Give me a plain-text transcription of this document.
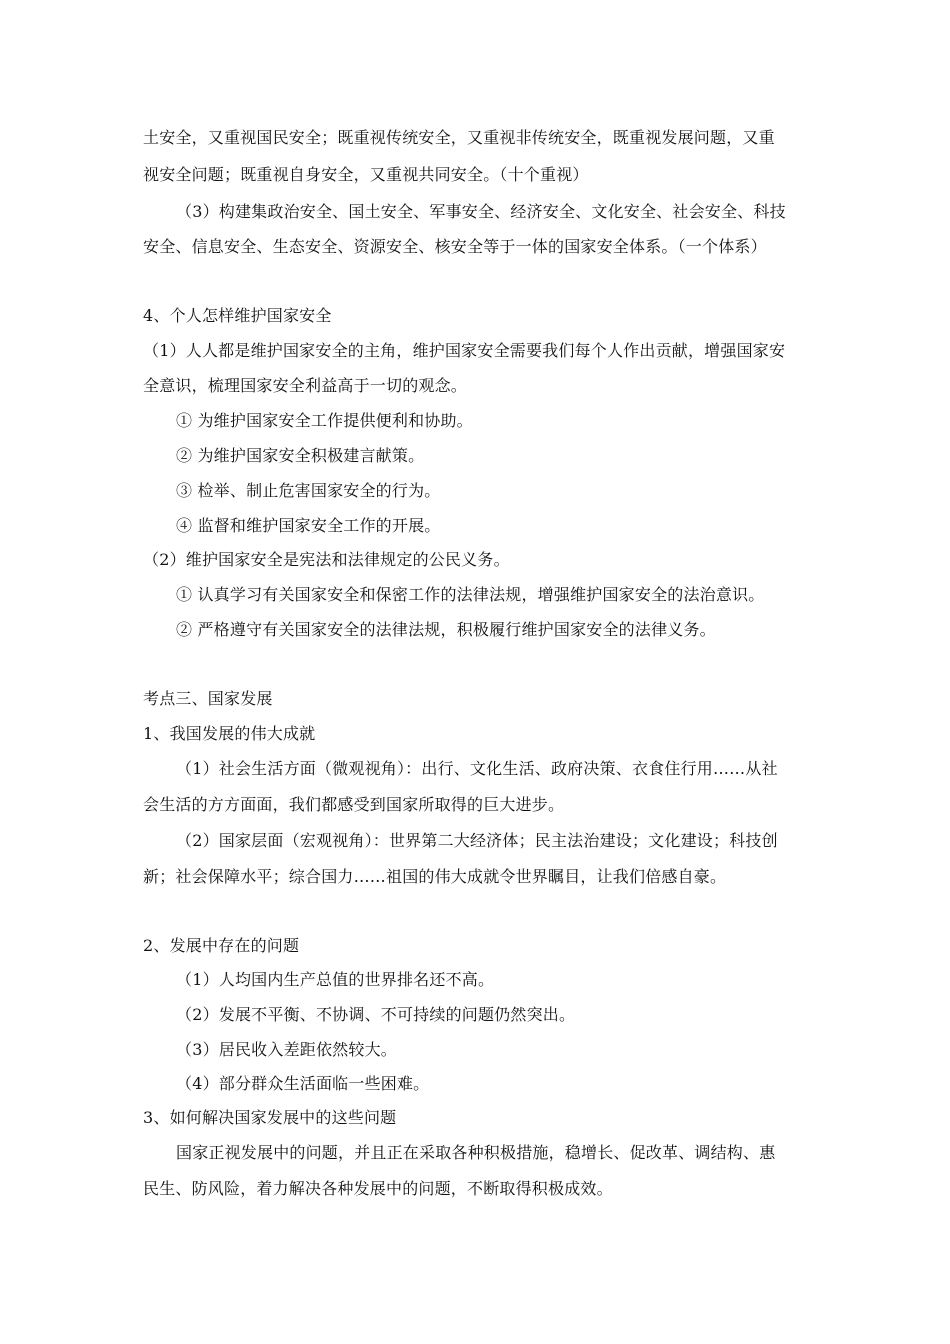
土安全，又重视国民安全；既重视传统安全，又重视非传统安全，既重视发展问题，又重
视安全问题；既重视自身安全，又重视共同安全。（十个重视）
（3）构建集政治安全、国土安全、军事安全、经济安全、文化安全、社会安全、科技
安全、信息安全、生态安全、资源安全、核安全等于一体的国家安全体系。（一个体系）
4、个人怎样维护国家安全
（1）人人都是维护国家安全的主角，维护国家安全需要我们每个人作出贡献，增强国家安
全意识，梳理国家安全利益高于一切的观念。
① 为维护国家安全工作提供便利和协助。
② 为维护国家安全积极建言献策。
③ 检举、制止危害国家安全的行为。
④ 监督和维护国家安全工作的开展。
（2）维护国家安全是宪法和法律规定的公民义务。
① 认真学习有关国家安全和保密工作的法律法规，增强维护国家安全的法治意识。
② 严格遵守有关国家安全的法律法规，积极履行维护国家安全的法律义务。
考点三、国家发展
1、我国发展的伟大成就
（1）社会生活方面（微观视角）：出行、文化生活、政府决策、衣食住行用……从社
会生活的方方面面，我们都感受到国家所取得的巨大进步。
（2）国家层面（宏观视角）：世界第二大经济体；民主法治建设；文化建设；科技创
新；社会保障水平；综合国力……祖国的伟大成就令世界瞩目，让我们倍感自豪。
2、发展中存在的问题
（1）人均国内生产总值的世界排名还不高。
（2）发展不平衡、不协调、不可持续的问题仍然突出。
（3）居民收入差距依然较大。
（4）部分群众生活面临一些困难。
3、如何解决国家发展中的这些问题
国家正视发展中的问题，并且正在采取各种积极措施，稳增长、促改革、调结构、惠
民生、防风险，着力解决各种发展中的问题，不断取得积极成效。
